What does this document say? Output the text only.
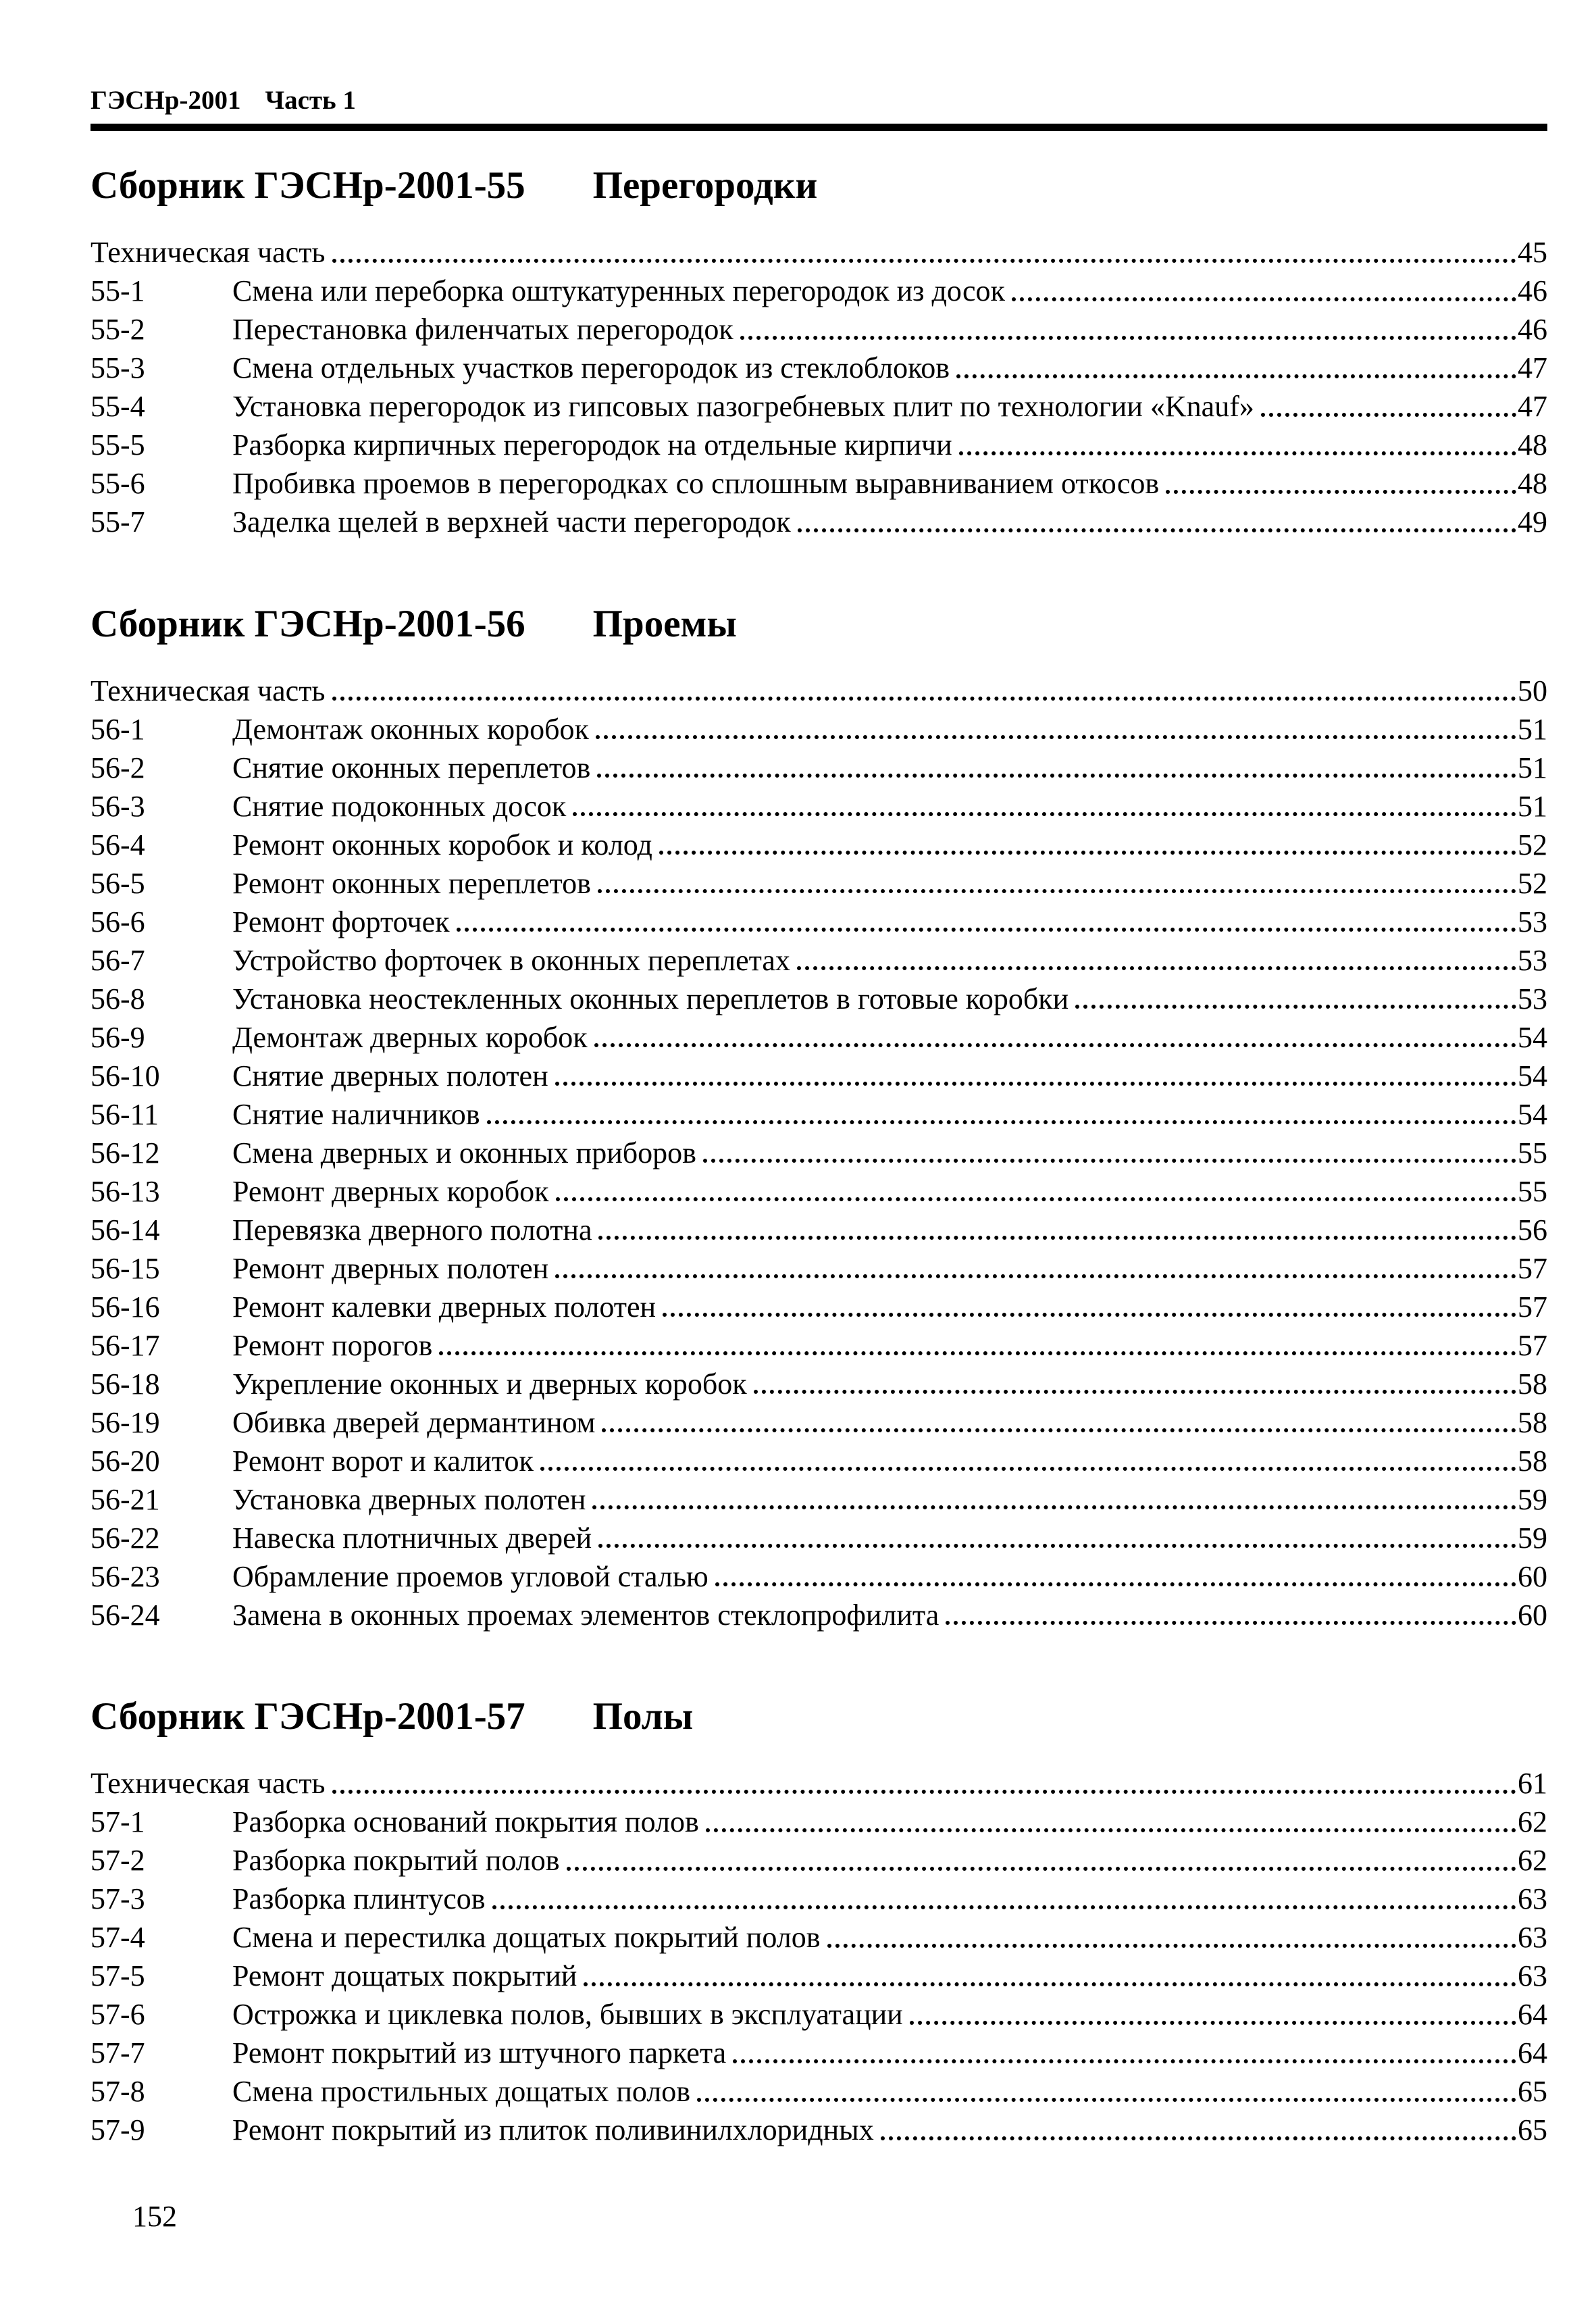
ГЭСНр-2001 Часть 1
Сборник ГЭСНр-2001-55 Перегородки
Техническая часть	45
55-1	Смена или переборка оштукатуренных перегородок из досок	46
55-2	Перестановка филенчатых перегородок	46
55-3	Смена отдельных участков перегородок из стеклоблоков	47
55-4	Установка перегородок из гипсовых пазогребневых плит по технологии «Knauf»	47
55-5	Разборка кирпичных перегородок на отдельные кирпичи	48
55-6	Пробивка проемов в перегородках со сплошным выравниванием откосов	48
55-7	Заделка щелей в верхней части перегородок	49
Сборник ГЭСНр-2001-56 Проемы
Техническая часть	50
56-1	Демонтаж оконных коробок	51
56-2	Снятие оконных переплетов	51
56-3	Снятие подоконных досок	51
56-4	Ремонт оконных коробок и колод	52
56-5	Ремонт оконных переплетов	52
56-6	Ремонт форточек	53
56-7	Устройство форточек в оконных переплетах	53
56-8	Установка неостекленных оконных переплетов в готовые коробки	53
56-9	Демонтаж дверных коробок	54
56-10	Снятие дверных полотен	54
56-11	Снятие наличников	54
56-12	Смена дверных и оконных приборов	55
56-13	Ремонт дверных коробок	55
56-14	Перевязка дверного полотна	56
56-15	Ремонт дверных полотен	57
56-16	Ремонт калевки дверных полотен	57
56-17	Ремонт порогов	57
56-18	Укрепление оконных и дверных коробок	58
56-19	Обивка дверей дермантином	58
56-20	Ремонт ворот и калиток	58
56-21	Установка дверных полотен	59
56-22	Навеска плотничных дверей	59
56-23	Обрамление проемов угловой сталью	60
56-24	Замена в оконных проемах элементов стеклопрофилита	60
Сборник ГЭСНр-2001-57 Полы
Техническая часть	61
57-1	Разборка оснований покрытия полов	62
57-2	Разборка покрытий полов	62
57-3	Разборка плинтусов	63
57-4	Смена и перестилка дощатых покрытий полов	63
57-5	Ремонт дощатых покрытий	63
57-6	Острожка и циклевка полов, бывших в эксплуатации	64
57-7	Ремонт покрытий из штучного паркета	64
57-8	Смена простильных дощатых полов	65
57-9	Ремонт покрытий из плиток поливинилхлоридных	65
152
